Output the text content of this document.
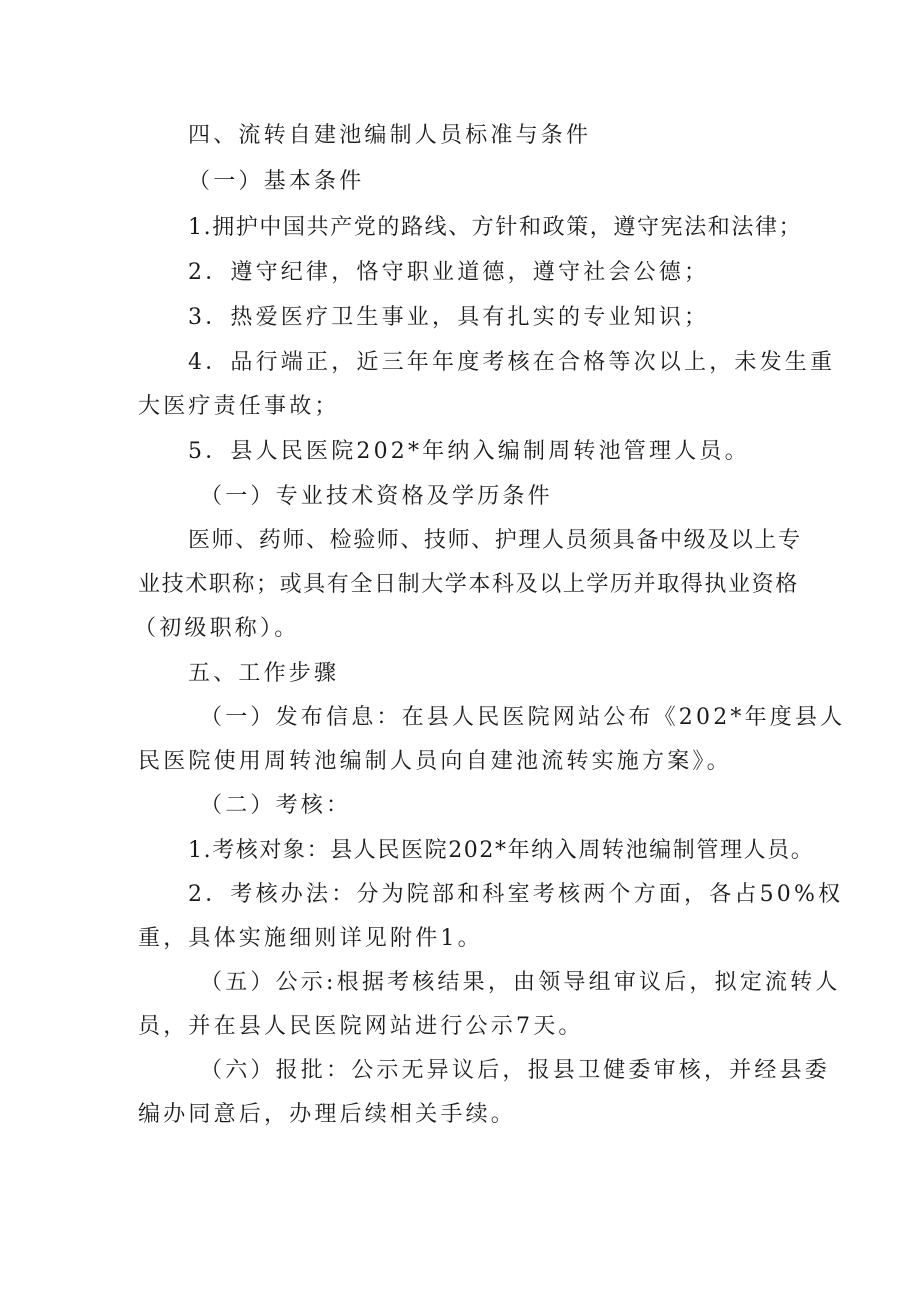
四、流转自建池编制人员标准与条件
（一）基本条件
1.拥护中国共产党的路线、方针和政策，遵守宪法和法律；
2．遵守纪律，恪守职业道德，遵守社会公德；
3．热爱医疗卫生事业，具有扎实的专业知识；
4．品行端正，近三年年度考核在合格等次以上，未发生重
大医疗责任事故；
5．县人民医院202*年纳入编制周转池管理人员。
（一）专业技术资格及学历条件
医师、药师、检验师、技师、护理人员须具备中级及以上专
业技术职称；或具有全日制大学本科及以上学历并取得执业资格
（初级职称）。
五、工作步骤
（一）发布信息：在县人民医院网站公布《202*年度县人
民医院使用周转池编制人员向自建池流转实施方案》。
（二）考核：
1.考核对象：县人民医院202*年纳入周转池编制管理人员。
2．考核办法：分为院部和科室考核两个方面，各占50%权
重，具体实施细则详见附件1。
（五）公示:根据考核结果，由领导组审议后，拟定流转人
员，并在县人民医院网站进行公示7天。
（六）报批：公示无异议后，报县卫健委审核，并经县委
编办同意后，办理后续相关手续。
